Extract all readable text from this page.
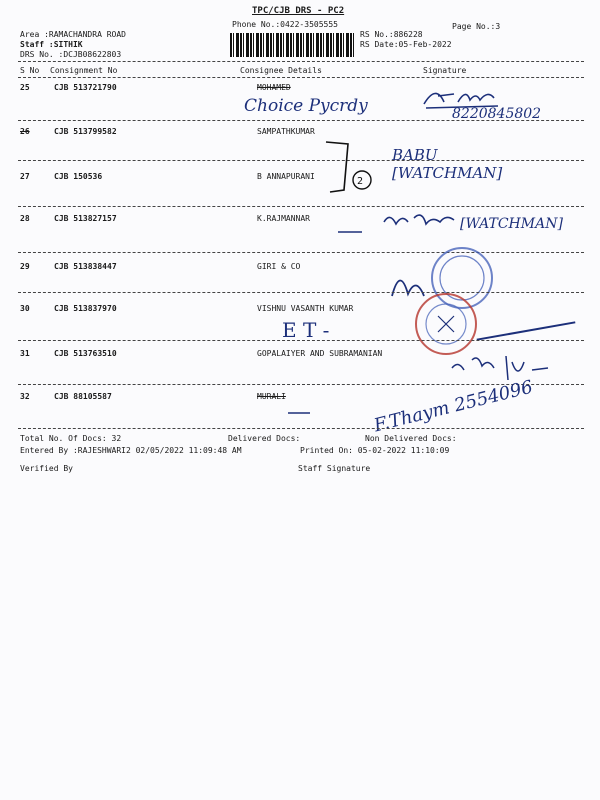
TPC/CJB DRS - PC2
Phone No.:0422-3505555
Area :RAMACHANDRA ROAD
Staff :SITHIK
DRS No. :DCJB08622803
RS No.:886228
RS Date:05-Feb-2022
Page No.:3
S No Consignment No	Consignee Details	Signature
25	CJB 513721790	MOHAMED
Choice Pycrdy	8220845802
26	CJB 513799582	SAMPATHKUMAR
27	CJB 150536	B ANNAPURANI	2
BABU [WATCHMAN]
28	CJB 513827157	K.RAJMANNAR	[WATCHMAN]
29	CJB 513838447	GIRI & CO
30	CJB 513837970	VISHNU VASANTH KUMAR
E T -
31	CJB 513763510	GOPALAIYER AND SUBRAMANIAN
32	CJB 88105587	MURALI	F.Thaym 2554096
Total No. Of Docs: 32	Delivered Docs:	Non Delivered Docs:
Entered By :RAJESHWARI2 02/05/2022 11:09:48 AM	Printed On: 05-02-2022 11:10:09
Verified By	Staff Signature
